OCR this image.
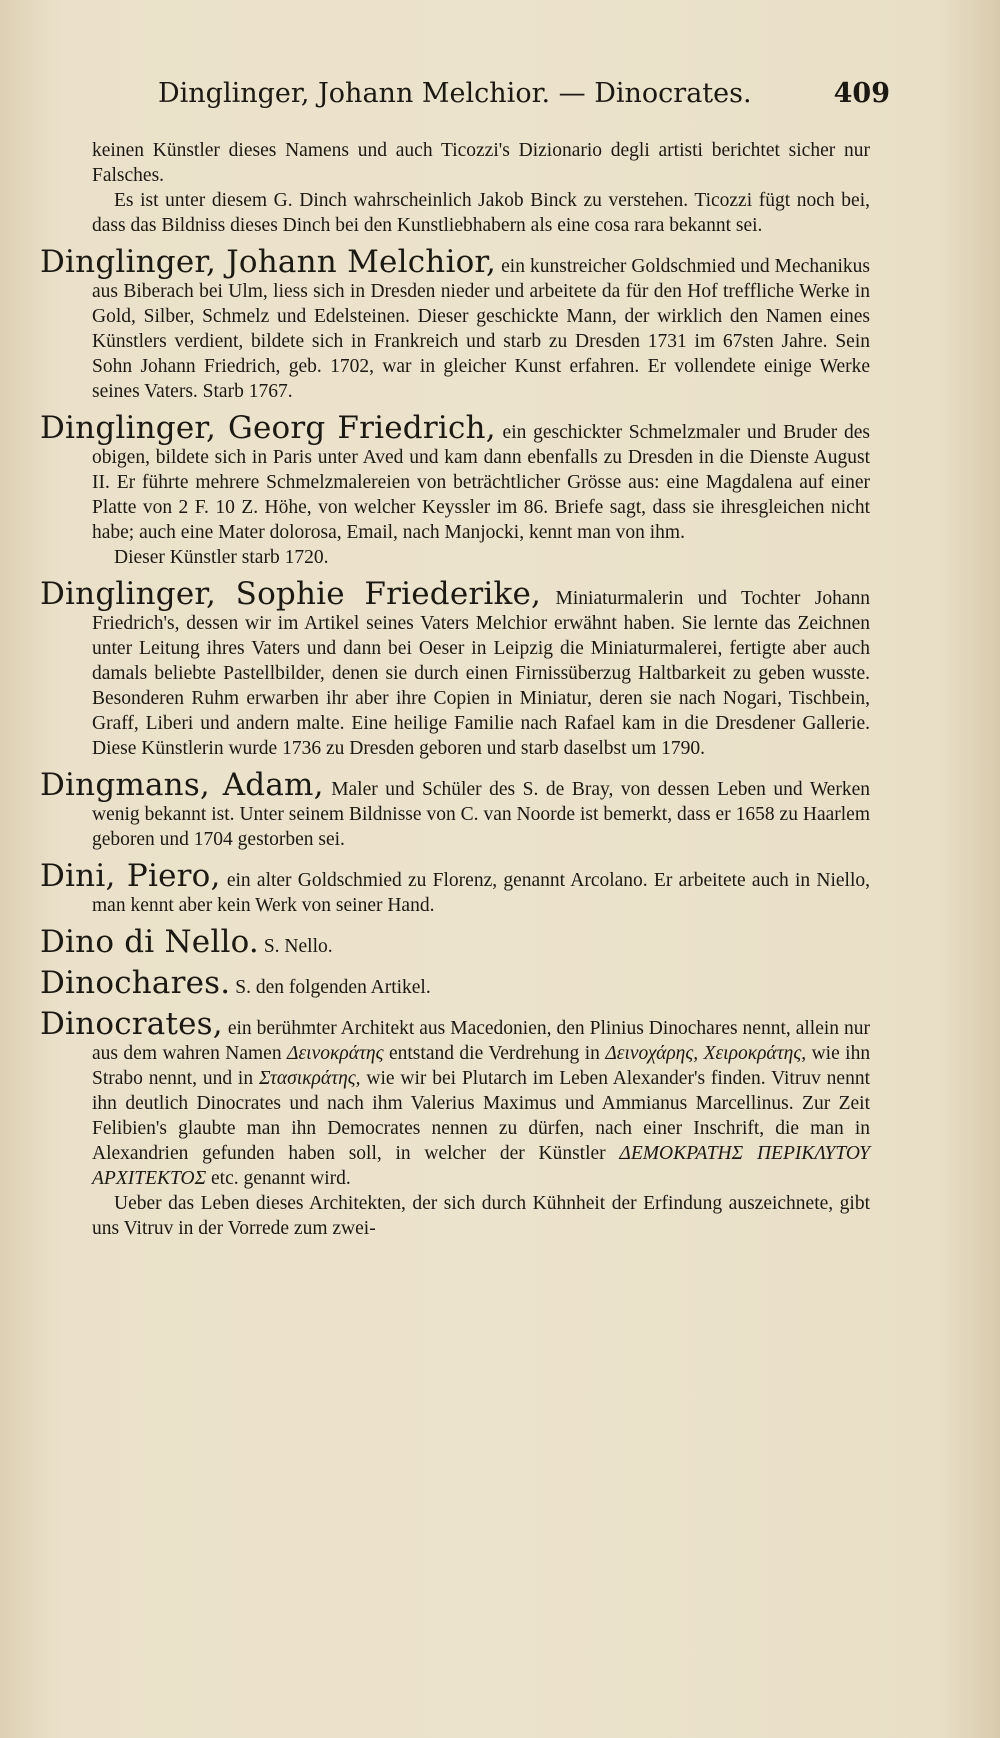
Dinglinger, Johann Melchior. — Dinocrates.	409

keinen Künstler dieses Namens und auch Ticozzi's Dizionario degli artisti berichtet sicher nur Falsches.

Es ist unter diesem G. Dinch wahrscheinlich Jakob Binck zu verstehen. Ticozzi fügt noch bei, dass das Bildniss dieses Dinch bei den Kunstliebhabern als eine cosa rara bekannt sei.

Dinglinger, Johann Melchior, ein kunstreicher Goldschmied und Mechanikus aus Biberach bei Ulm, liess sich in Dresden nieder und arbeitete da für den Hof treffliche Werke in Gold, Silber, Schmelz und Edelsteinen. Dieser geschickte Mann, der wirklich den Namen eines Künstlers verdient, bildete sich in Frankreich und starb zu Dresden 1731 im 67sten Jahre. Sein Sohn Johann Friedrich, geb. 1702, war in gleicher Kunst erfahren. Er vollendete einige Werke seines Vaters. Starb 1767.

Dinglinger, Georg Friedrich, ein geschickter Schmelzmaler und Bruder des obigen, bildete sich in Paris unter Aved und kam dann ebenfalls zu Dresden in die Dienste August II. Er führte mehrere Schmelzmalereien von beträchtlicher Grösse aus: eine Magdalena auf einer Platte von 2 F. 10 Z. Höhe, von welcher Keyssler im 86. Briefe sagt, dass sie ihresgleichen nicht habe; auch eine Mater dolorosa, Email, nach Manjocki, kennt man von ihm.

Dieser Künstler starb 1720.

Dinglinger, Sophie Friederike, Miniaturmalerin und Tochter Johann Friedrich's, dessen wir im Artikel seines Vaters Melchior erwähnt haben. Sie lernte das Zeichnen unter Leitung ihres Vaters und dann bei Oeser in Leipzig die Miniaturmalerei, fertigte aber auch damals beliebte Pastellbilder, denen sie durch einen Firnissüberzug Haltbarkeit zu geben wusste. Besonderen Ruhm erwarben ihr aber ihre Copien in Miniatur, deren sie nach Nogari, Tischbein, Graff, Liberi und andern malte. Eine heilige Familie nach Rafael kam in die Dresdener Gallerie. Diese Künstlerin wurde 1736 zu Dresden geboren und starb daselbst um 1790.

Dingmans, Adam, Maler und Schüler des S. de Bray, von dessen Leben und Werken wenig bekannt ist. Unter seinem Bildnisse von C. van Noorde ist bemerkt, dass er 1658 zu Haarlem geboren und 1704 gestorben sei.

Dini, Piero, ein alter Goldschmied zu Florenz, genannt Arcolano. Er arbeitete auch in Niello, man kennt aber kein Werk von seiner Hand.

Dino di Nello. S. Nello.

Dinochares. S. den folgenden Artikel.

Dinocrates, ein berühmter Architekt aus Macedonien, den Plinius Dinochares nennt, allein nur aus dem wahren Namen Δεινοκράτης entstand die Verdrehung in Δεινοχάρης, Χειροκράτης, wie ihn Strabo nennt, und in Στασικράτης, wie wir bei Plutarch im Leben Alexander's finden. Vitruv nennt ihn deutlich Dinocrates und nach ihm Valerius Maximus und Ammianus Marcellinus. Zur Zeit Felibien's glaubte man ihn Democrates nennen zu dürfen, nach einer Inschrift, die man in Alexandrien gefunden haben soll, in welcher der Künstler ΔΕΜΟΚΡΑΤΗΣ ΠΕΡΙΚΛΥΤΟΥ ΑΡΧΙΤΕΚΤΟΣ etc. genannt wird.

Ueber das Leben dieses Architekten, der sich durch Kühnheit der Erfindung auszeichnete, gibt uns Vitruv in der Vorrede zum zwei-
